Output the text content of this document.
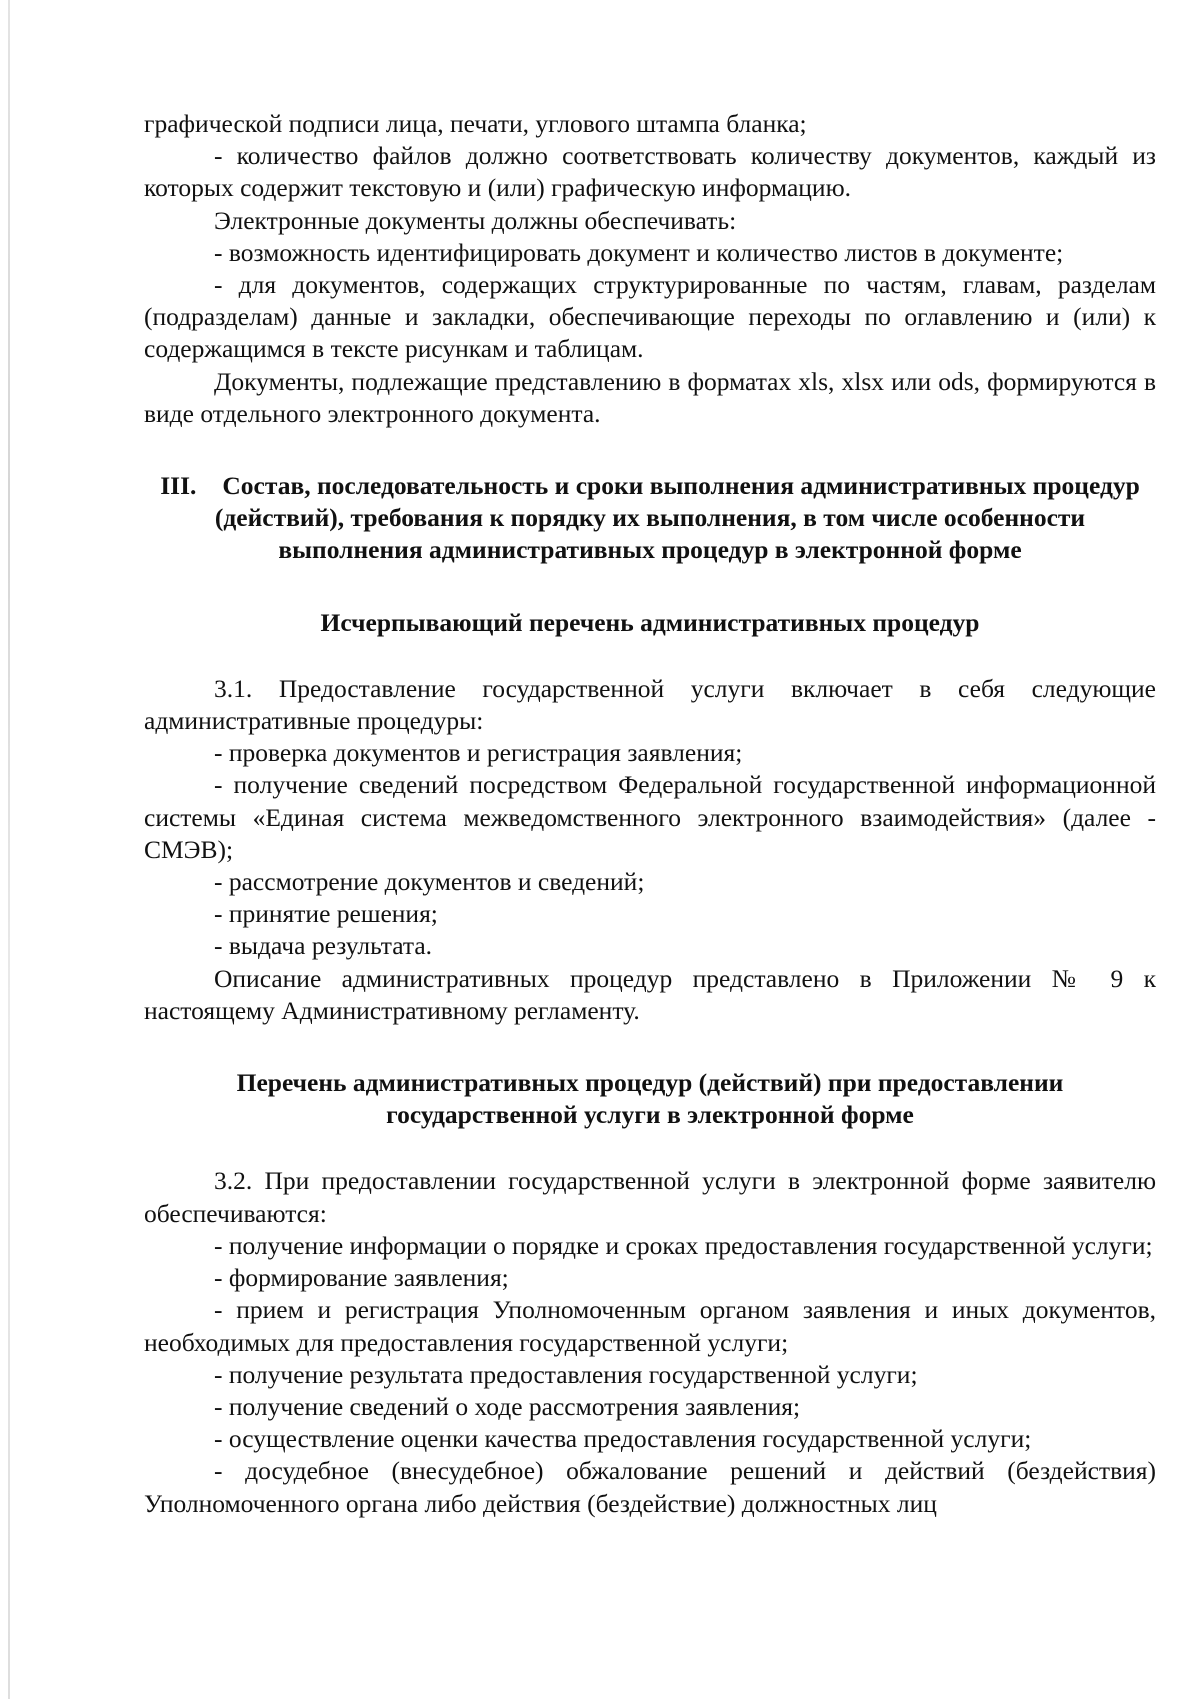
графической подписи лица, печати, углового штампа бланка;

- количество файлов должно соответствовать количеству документов, каждый из которых содержит текстовую и (или) графическую информацию.

Электронные документы должны обеспечивать:

- возможность идентифицировать документ и количество листов в документе;

- для документов, содержащих структурированные по частям, главам, разделам (подразделам) данные и закладки, обеспечивающие переходы по оглавлению и (или) к содержащимся в тексте рисункам и таблицам.

Документы, подлежащие представлению в форматах xls, xlsx или ods, формируются в виде отдельного электронного документа.

III. Состав, последовательность и сроки выполнения административных процедур (действий), требования к порядку их выполнения, в том числе особенности выполнения административных процедур в электронной форме

Исчерпывающий перечень административных процедур

3.1. Предоставление государственной услуги включает в себя следующие административные процедуры:

- проверка документов и регистрация заявления;

- получение сведений посредством Федеральной государственной информационной системы «Единая система межведомственного электронного взаимодействия» (далее - СМЭВ);

- рассмотрение документов и сведений;

- принятие решения;

- выдача результата.

Описание административных процедур представлено в Приложении № 9 к настоящему Административному регламенту.

Перечень административных процедур (действий) при предоставлении государственной услуги в электронной форме

3.2. При предоставлении государственной услуги в электронной форме заявителю обеспечиваются:

- получение информации о порядке и сроках предоставления государственной услуги;

- формирование заявления;

- прием и регистрация Уполномоченным органом заявления и иных документов, необходимых для предоставления государственной услуги;

- получение результата предоставления государственной услуги;

- получение сведений о ходе рассмотрения заявления;

- осуществление оценки качества предоставления государственной услуги;

- досудебное (внесудебное) обжалование решений и действий (бездействия) Уполномоченного органа либо действия (бездействие) должностных лиц
